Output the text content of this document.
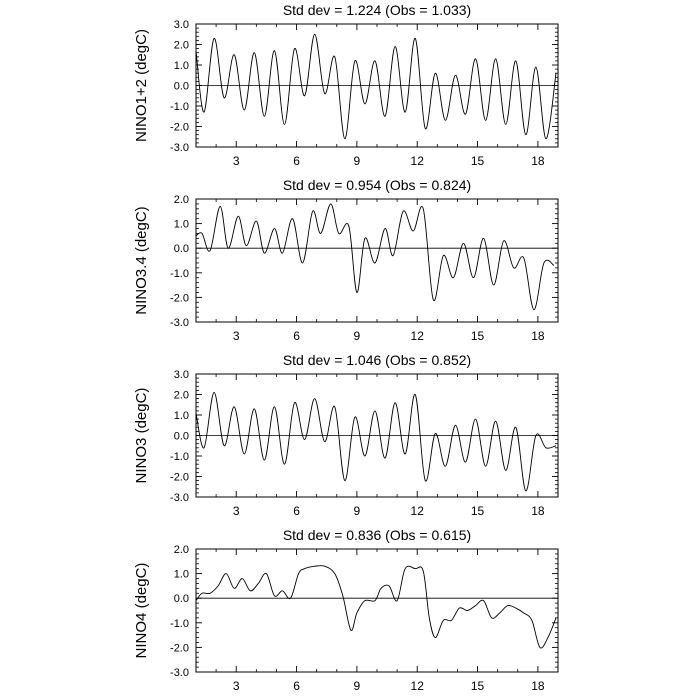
3.0
2.0
1.0
0.0
-1.0
-2.0
-3.0
3	6	9	12	15	18
Std dev = 1.224 (Obs = 1.033)
NINO1+2 (degC)
2.0
1.0
0.0
-1.0
-2.0
-3.0
3	6	9	12	15	18
Std dev = 0.954 (Obs = 0.824)
NINO3.4 (degC)
3.0
2.0
1.0
0.0
-1.0
-2.0
-3.0
3	6	9	12	15	18
Std dev = 1.046 (Obs = 0.852)
NINO3 (degC)
2.0
1.0
0.0
-1.0
-2.0
-3.0
3	6	9	12	15	18
Std dev = 0.836 (Obs = 0.615)
NINO4 (degC)
